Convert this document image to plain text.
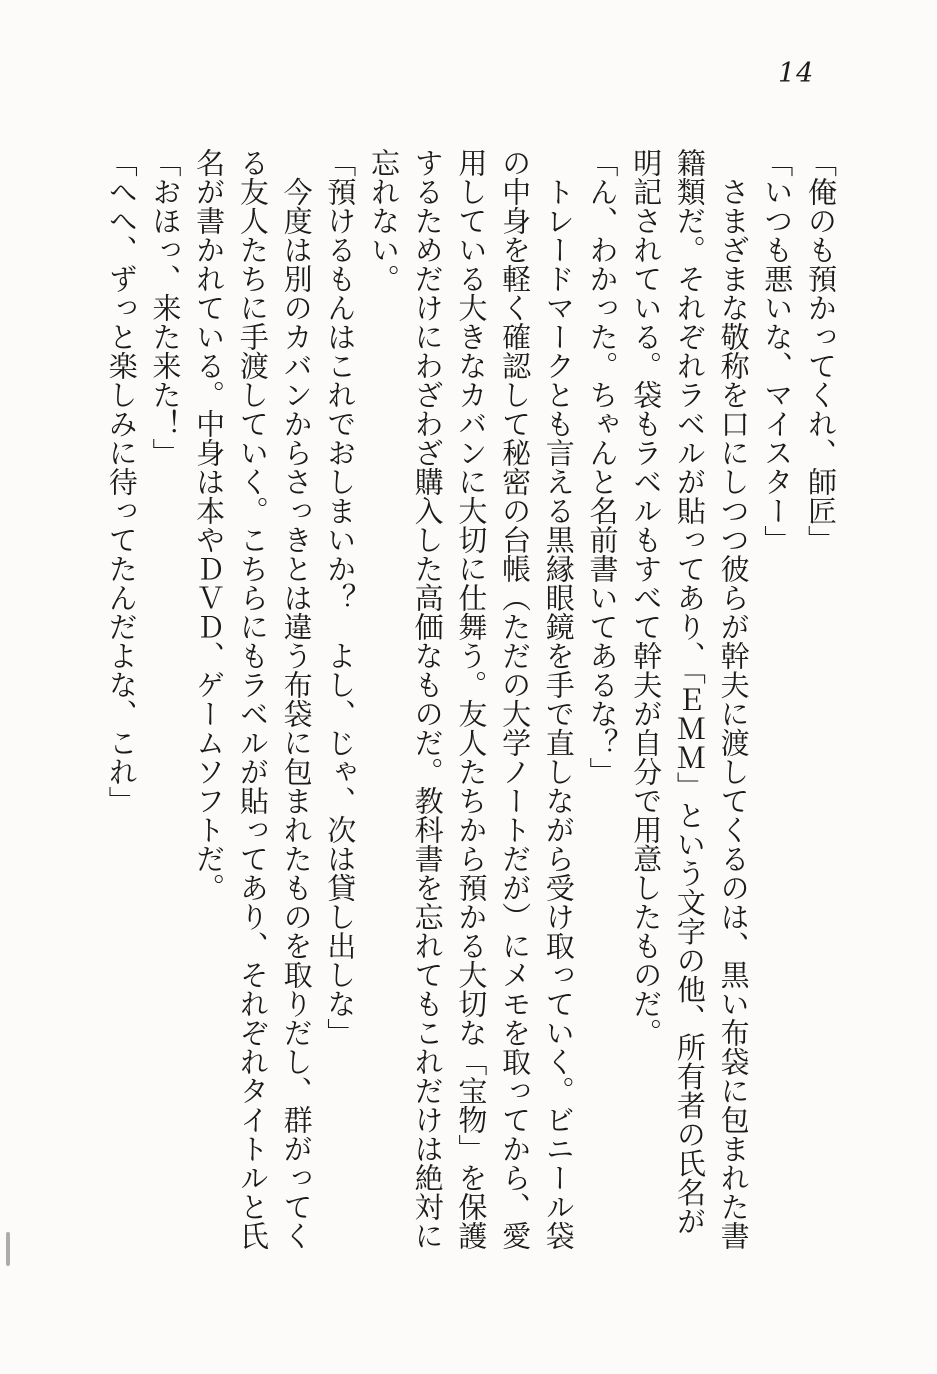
14

「俺のも預かってくれ、師匠」

「いつも悪いな、マイスター」

　さまざまな敬称を口にしつつ彼らが幹夫に渡してくるのは、黒い布袋に包まれた書籍類だ。それぞれラベルが貼ってあり、「ＥＭＭ」という文字の他、所有者の氏名が明記されている。袋もラベルもすべて幹夫が自分で用意したものだ。

「ん、わかった。ちゃんと名前書いてあるな？」

　トレードマークとも言える黒縁眼鏡を手で直しながら受け取っていく。ビニール袋の中身を軽く確認して秘密の台帳（ただの大学ノートだが）にメモを取ってから、愛用している大きなカバンに大切に仕舞う。友人たちから預かる大切な「宝物」を保護するためだけにわざわざ購入した高価なものだ。教科書を忘れてもこれだけは絶対に忘れない。

「預けるもんはこれでおしまいか？　よし、じゃ、次は貸し出しな」

　今度は別のカバンからさっきとは違う布袋に包まれたものを取りだし、群がってくる友人たちに手渡していく。こちらにもラベルが貼ってあり、それぞれタイトルと氏名が書かれている。中身は本やＤＶＤ、ゲームソフトだ。

「おほっ、来た来た！」

「へへ、ずっと楽しみに待ってたんだよな、これ」
